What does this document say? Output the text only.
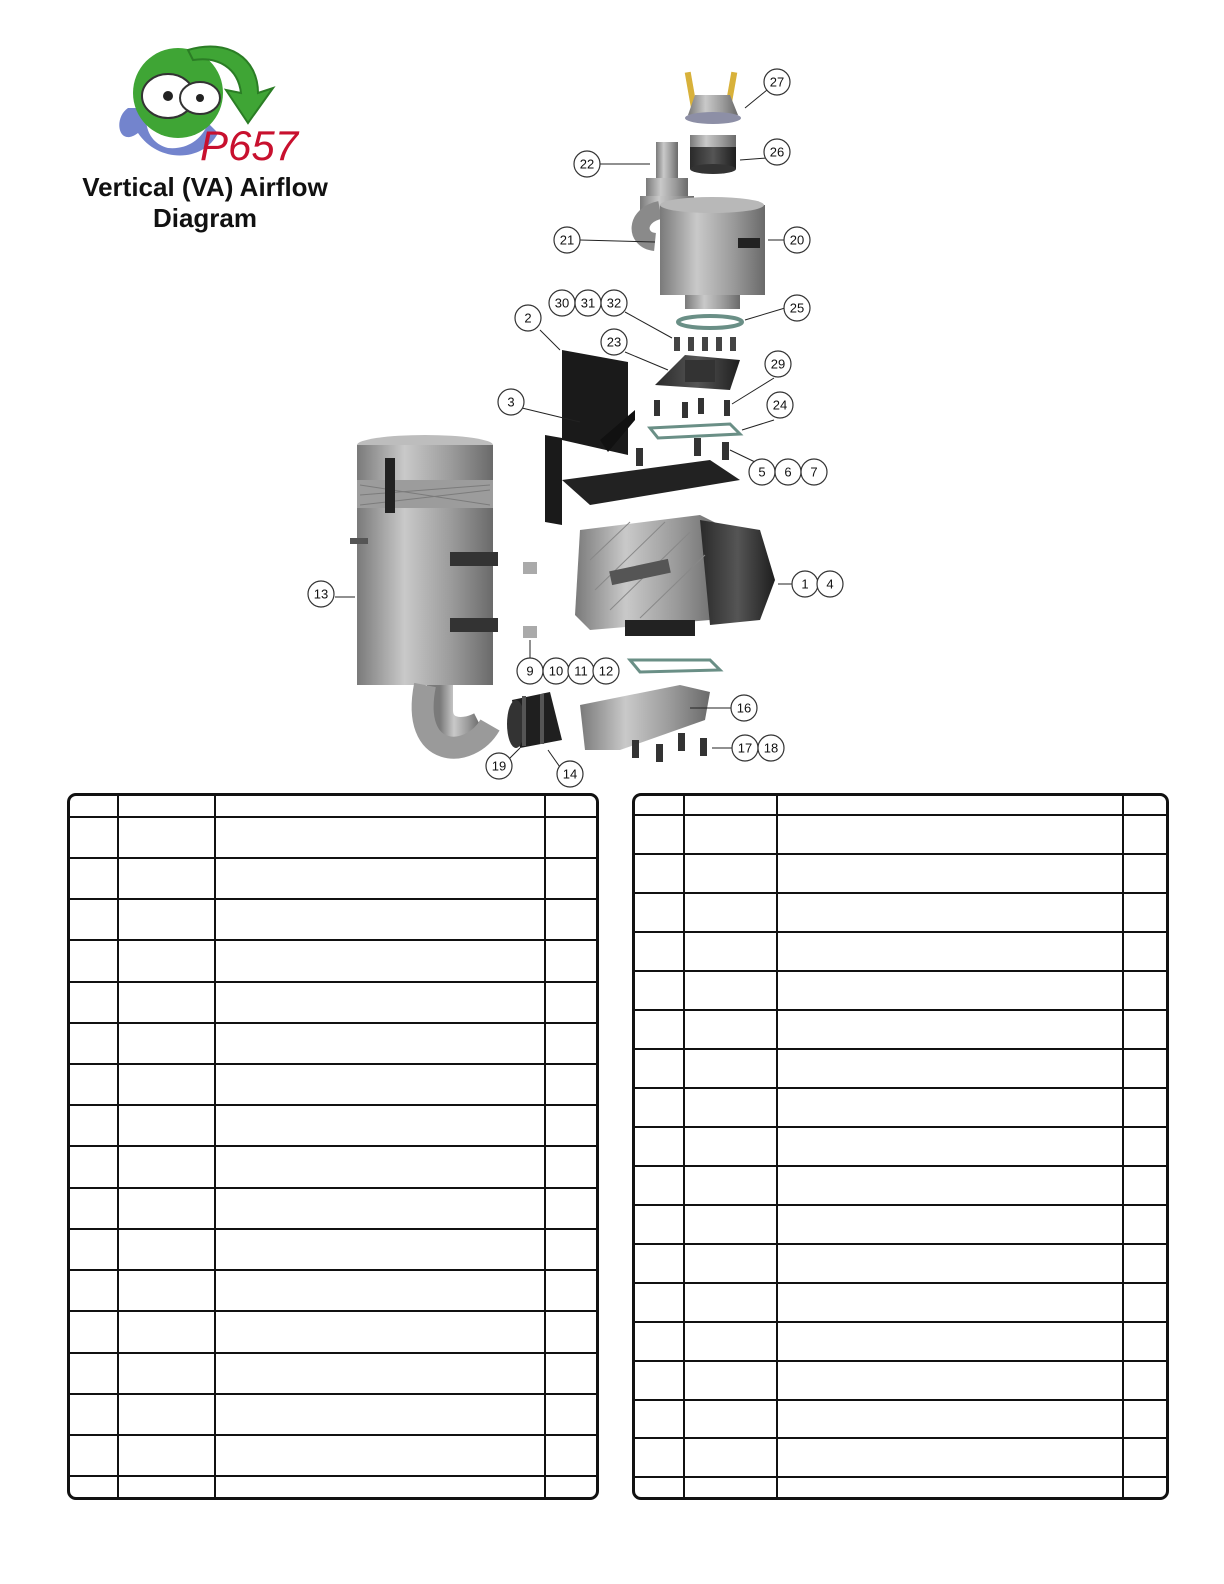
P657
Vertical (VA) Airflow
Diagram
27
26
22
21	20
30 31 32	25
2
23
29
3	24
5 6 7
1 4
13
9 10 11 12
16
17 18
19
14
